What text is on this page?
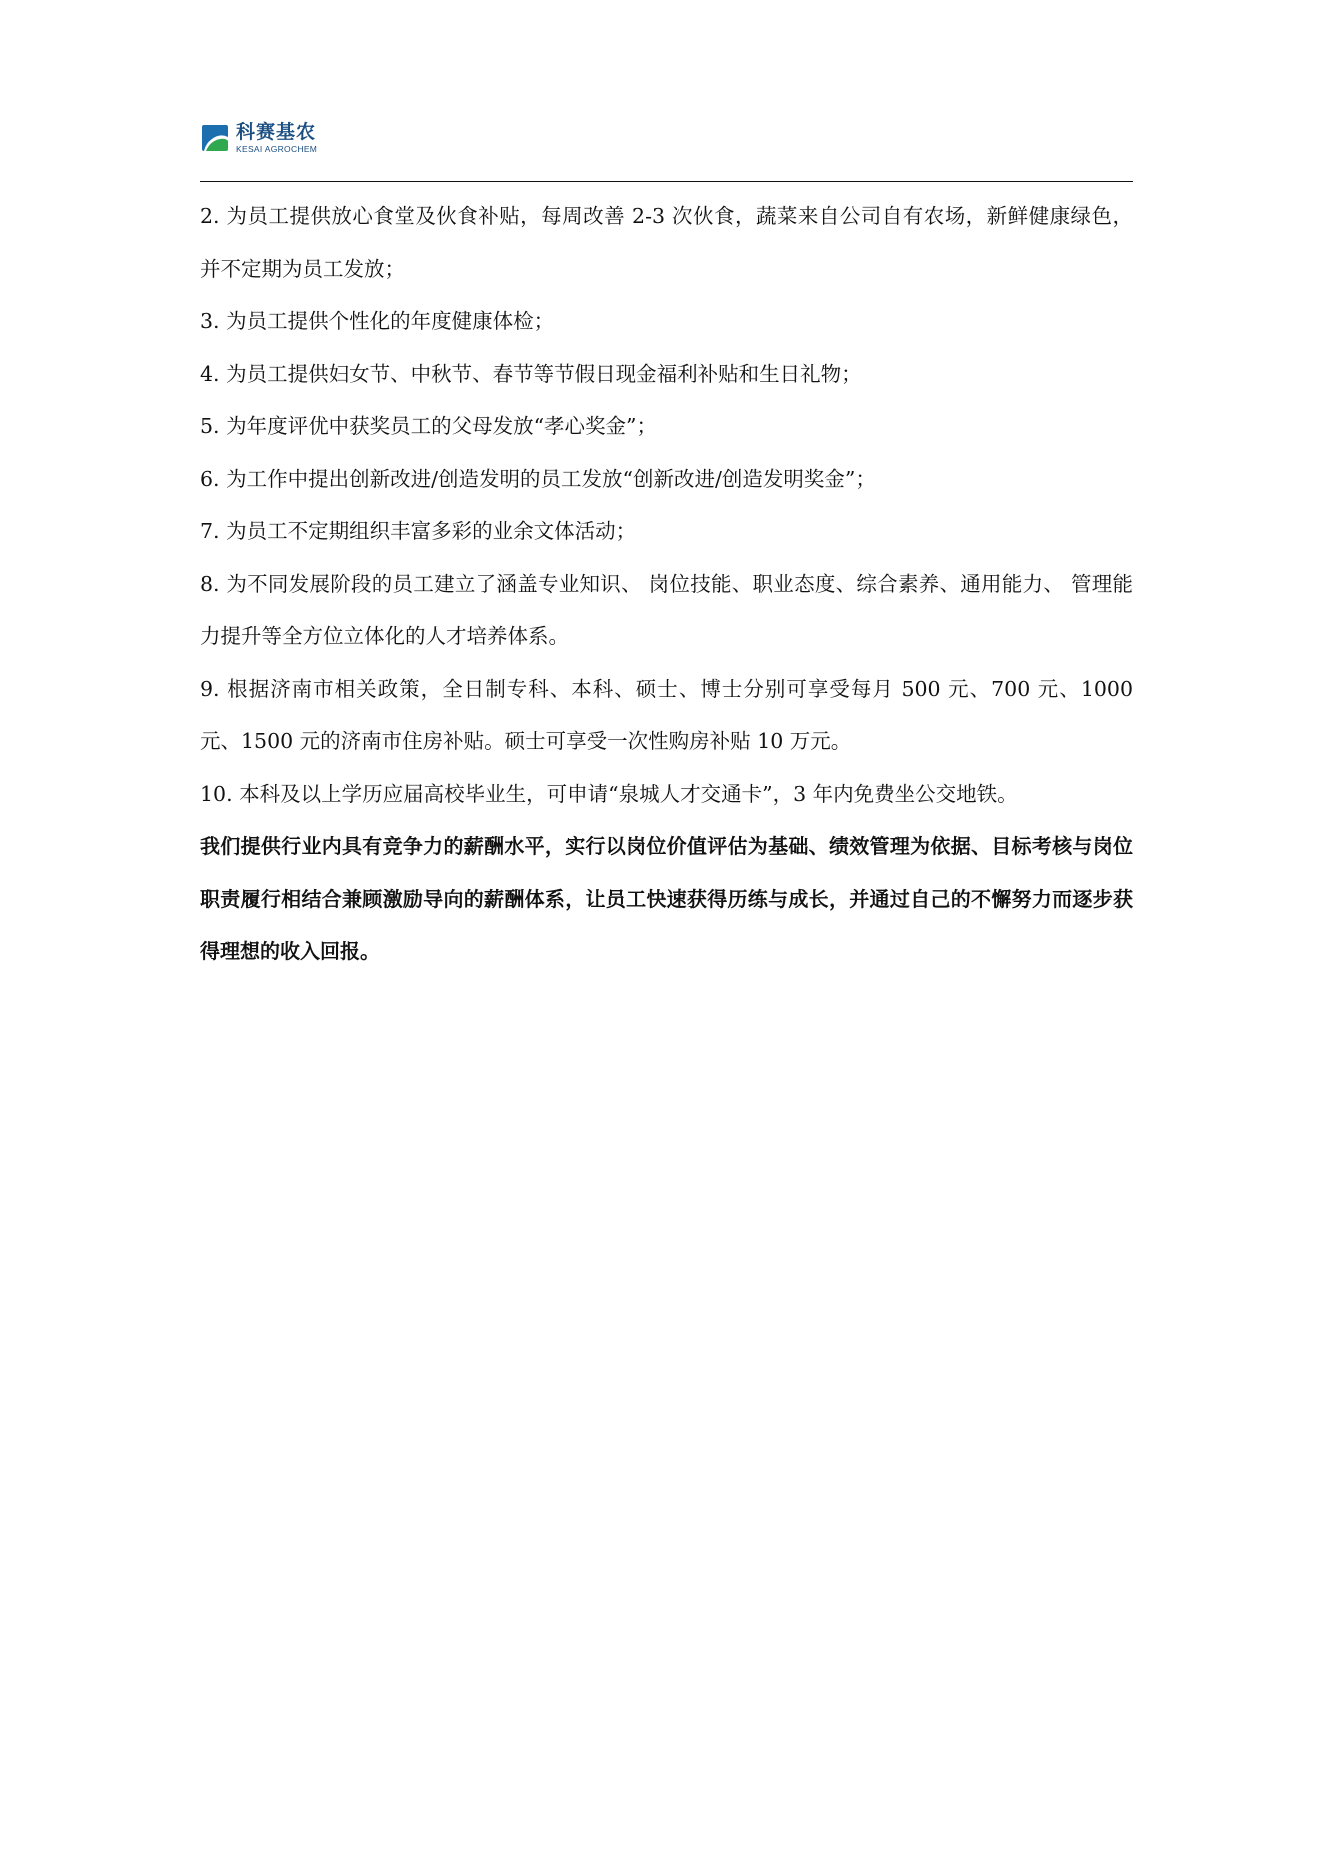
科赛基农
KESAI AGROCHEM

2. 为员工提供放心食堂及伙食补贴，每周改善 2-3 次伙食，蔬菜来自公司自有农场，新鲜健康绿色，并不定期为员工发放；

3. 为员工提供个性化的年度健康体检；

4. 为员工提供妇女节、中秋节、春节等节假日现金福利补贴和生日礼物；

5. 为年度评优中获奖员工的父母发放“孝心奖金”；

6. 为工作中提出创新改进/创造发明的员工发放“创新改进/创造发明奖金”；

7. 为员工不定期组织丰富多彩的业余文体活动；

8. 为不同发展阶段的员工建立了涵盖专业知识、 岗位技能、职业态度、综合素养、通用能力、 管理能力提升等全方位立体化的人才培养体系。

9. 根据济南市相关政策，全日制专科、本科、硕士、博士分别可享受每月 500 元、700 元、1000 元、1500 元的济南市住房补贴。硕士可享受一次性购房补贴 10 万元。

10. 本科及以上学历应届高校毕业生，可申请“泉城人才交通卡”，3 年内免费坐公交地铁。

我们提供行业内具有竞争力的薪酬水平，实行以岗位价值评估为基础、绩效管理为依据、目标考核与岗位职责履行相结合兼顾激励导向的薪酬体系，让员工快速获得历练与成长，并通过自己的不懈努力而逐步获得理想的收入回报。
